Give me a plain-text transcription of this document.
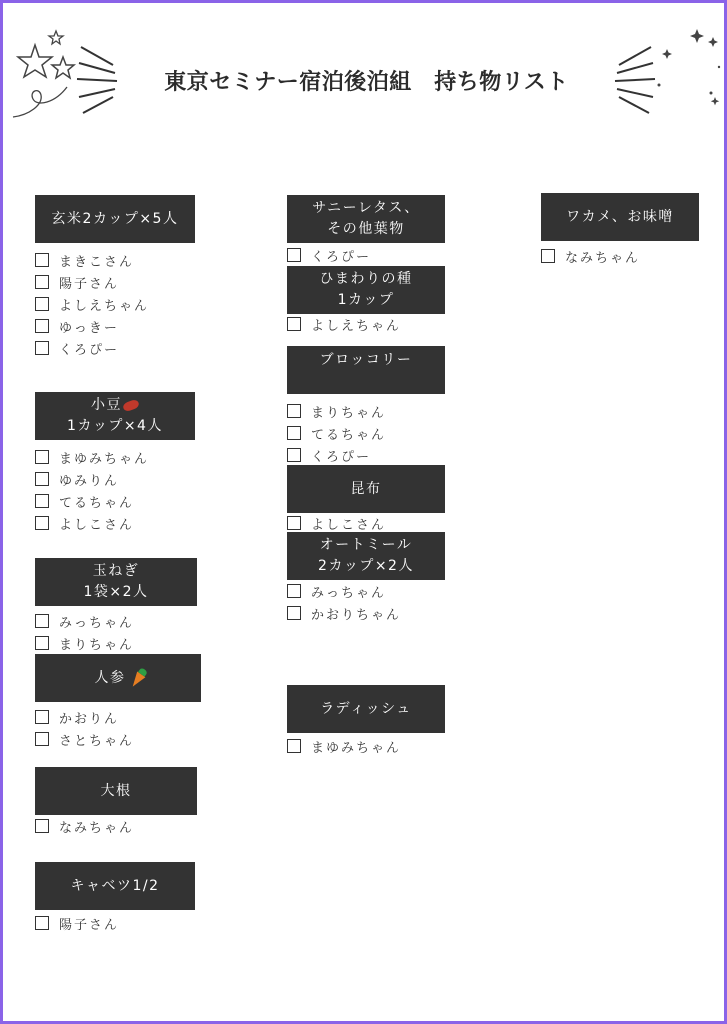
東京セミナー宿泊後泊組　持ち物リスト
玄米2カップ×5人
まきこさん
陽子さん
よしえちゃん
ゆっきー
くろぴー
小豆
1カップ×4人
まゆみちゃん
ゆみりん
てるちゃん
よしこさん
玉ねぎ
1袋×2人
みっちゃん
まりちゃん
人参
かおりん
さとちゃん
大根
なみちゃん
キャベツ1/2
陽子さん
サニーレタス、
その他葉物
くろぴー
ひまわりの種
1カップ
よしえちゃん
ブロッコリー
まりちゃん
てるちゃん
くろぴー
昆布
よしこさん
オートミール
2カップ×2人
みっちゃん
かおりちゃん
ラディッシュ
まゆみちゃん
ワカメ、お味噌
なみちゃん
